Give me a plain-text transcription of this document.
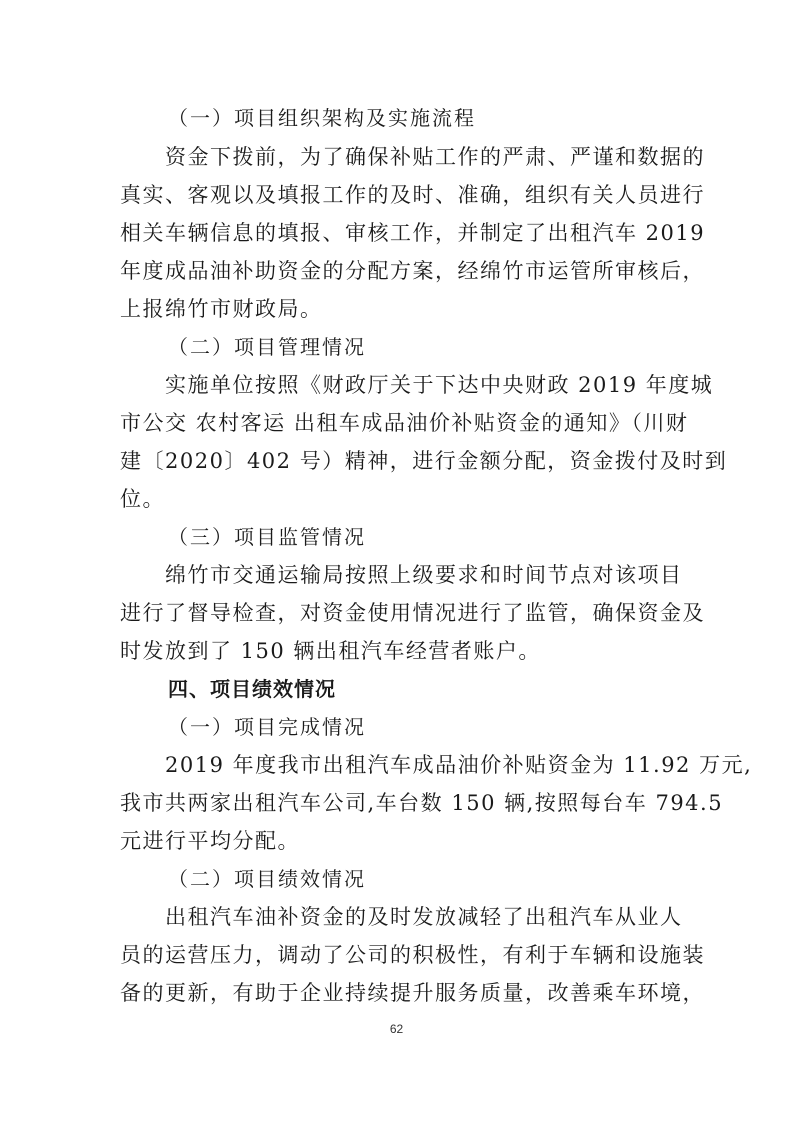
（一）项目组织架构及实施流程
资金下拨前，为了确保补贴工作的严肃、严谨和数据的
真实、客观以及填报工作的及时、准确，组织有关人员进行
相关车辆信息的填报、审核工作，并制定了出租汽车 2019
年度成品油补助资金的分配方案，经绵竹市运管所审核后，
上报绵竹市财政局。
（二）项目管理情况
实施单位按照《财政厅关于下达中央财政 2019 年度城
市公交 农村客运 出租车成品油价补贴资金的通知》（川财
建〔2020〕402 号）精神，进行金额分配，资金拨付及时到
位。
（三）项目监管情况
绵竹市交通运输局按照上级要求和时间节点对该项目
进行了督导检查，对资金使用情况进行了监管，确保资金及
时发放到了 150 辆出租汽车经营者账户。
四、项目绩效情况
（一）项目完成情况
2019 年度我市出租汽车成品油价补贴资金为 11.92 万元,
我市共两家出租汽车公司,车台数 150 辆,按照每台车 794.5
元进行平均分配。
（二）项目绩效情况
出租汽车油补资金的及时发放减轻了出租汽车从业人
员的运营压力，调动了公司的积极性，有利于车辆和设施装
备的更新，有助于企业持续提升服务质量，改善乘车环境，
62
